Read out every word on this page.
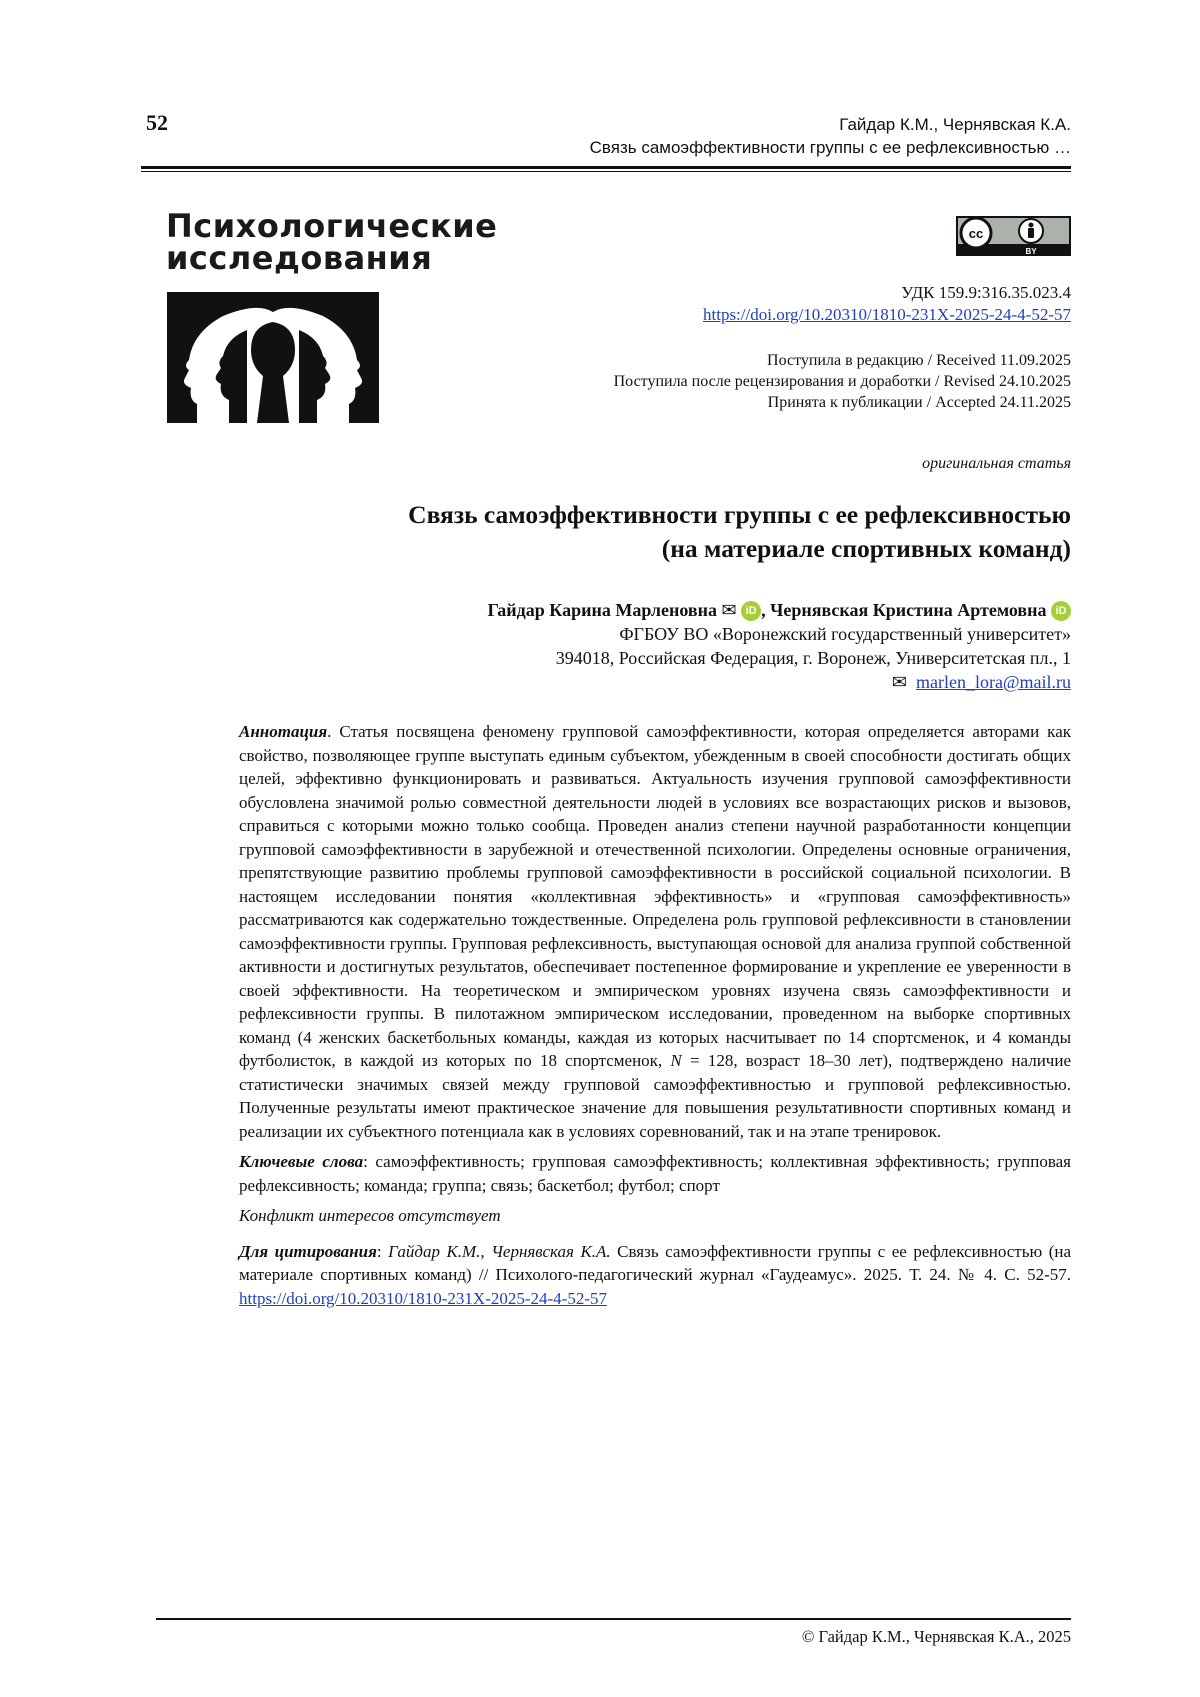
52	Гайдар К.М., Чернявская К.А.
Связь самоэффективности группы с ее рефлексивностью …
Психологические
исследования
cc
BY
УДК 159.9:316.35.023.4
https://doi.org/10.20310/1810-231X-2025-24-4-52-57
Поступила в редакцию / Received 11.09.2025
Поступила после рецензирования и доработки / Revised 24.10.2025
Принята к публикации / Accepted 24.11.2025
оригинальная статья
Связь самоэффективности группы с ее рефлексивностью
(на материале спортивных команд)
Гайдар Карина Марленовна ✉ iD , Чернявская Кристина Артемовна iD
ФГБОУ ВО «Воронежский государственный университет»
394018, Российская Федерация, г. Воронеж, Университетская пл., 1
✉ marlen_lora@mail.ru

Аннотация. Статья посвящена феномену групповой самоэффективности, которая определяется авторами как свойство, позволяющее группе выступать единым субъектом, убежденным в своей способности достигать общих целей, эффективно функционировать и развиваться. Актуальность изучения групповой самоэффективности обусловлена значимой ролью совместной деятельности людей в условиях все возрастающих рисков и вызовов, справиться с которыми можно только сообща. Проведен анализ степени научной разработанности концепции групповой самоэффективности в зарубежной и отечественной психологии. Определены основные ограничения, препятствующие развитию проблемы групповой самоэффективности в российской социальной психологии. В настоящем исследовании понятия «коллективная эффективность» и «групповая самоэффективность» рассматриваются как содержательно тождественные. Определена роль групповой рефлексивности в становлении самоэффективности группы. Групповая рефлексивность, выступающая основой для анализа группой собственной активности и достигнутых результатов, обеспечивает постепенное формирование и укрепление ее уверенности в своей эффективности. На теоретическом и эмпирическом уровнях изучена связь самоэффективности и рефлексивности группы. В пилотажном эмпирическом исследовании, проведенном на выборке спортивных команд (4 женских баскетбольных команды, каждая из которых насчитывает по 14 спортсменок, и 4 команды футболисток, в каждой из которых по 18 спортсменок, N = 128, возраст 18–30 лет), подтверждено наличие статистически значимых связей между групповой самоэффективностью и групповой рефлексивностью. Полученные результаты имеют практическое значение для повышения результативности спортивных команд и реализации их субъектного потенциала как в условиях соревнований, так и на этапе тренировок.

Ключевые слова: самоэффективность; групповая самоэффективность; коллективная эффективность; групповая рефлексивность; команда; группа; связь; баскетбол; футбол; спорт

Конфликт интересов отсутствует

Для цитирования: Гайдар К.М., Чернявская К.А. Связь самоэффективности группы с ее рефлексивностью (на материале спортивных команд) // Психолого-педагогический журнал «Гаудеамус». 2025. Т. 24. № 4. С. 52-57. https://doi.org/10.20310/1810-231X-2025-24-4-52-57

© Гайдар К.М., Чернявская К.А., 2025
